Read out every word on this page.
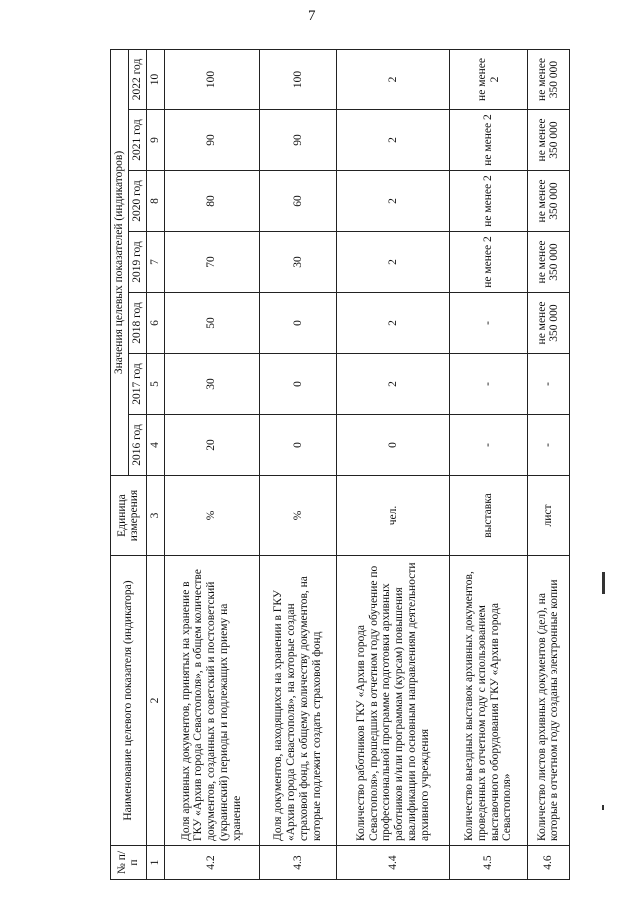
7
№ п/п	Наименование целевого показателя (индикатора)	Единица измерения	Значения целевых показателей (индикаторов)						
			2016 год	2017 год	2018 год	2019 год	2020 год	2021 год	2022 год
1	2	3	4	5	6	7	8	9	10
4.2	Доля архивных документов, принятых на хранение в ГКУ «Архив города Севастополя», в общем количестве документов, созданных в советский и постсоветский (украинский) периоды и подлежащих приему на хранение	%	20	30	50	70	80	90	100
4.3	Доля документов, находящихся на хранении в ГКУ «Архив города Севастополя», на которые создан страховой фонд, к общему количеству документов, на которые подлежит создать страховой фонд	%	0	0	0	30	60	90	100
4.4	Количество работников ГКУ «Архив города Севастополя», прошедших в отчетном году обучение по профессиональной программе подготовки архивных работников и/или программам (курсам) повышения квалификации по основным направлениям деятельности архивного учреждения	чел.	0	2	2	2	2	2	2
4.5	Количество выездных выставок архивных документов, проведенных в отчетном году с использованием выставочного оборудования ГКУ «Архив города Севастополя»	выставка	-	-	-	не менее 2	не менее 2	не менее 2	не менее 2
4.6	Количество листов архивных документов (дел), на которые в отчетном году созданы электронные копии	лист	-	-	не менее 350 000	не менее 350 000	не менее 350 000	не менее 350 000	не менее 350 000
